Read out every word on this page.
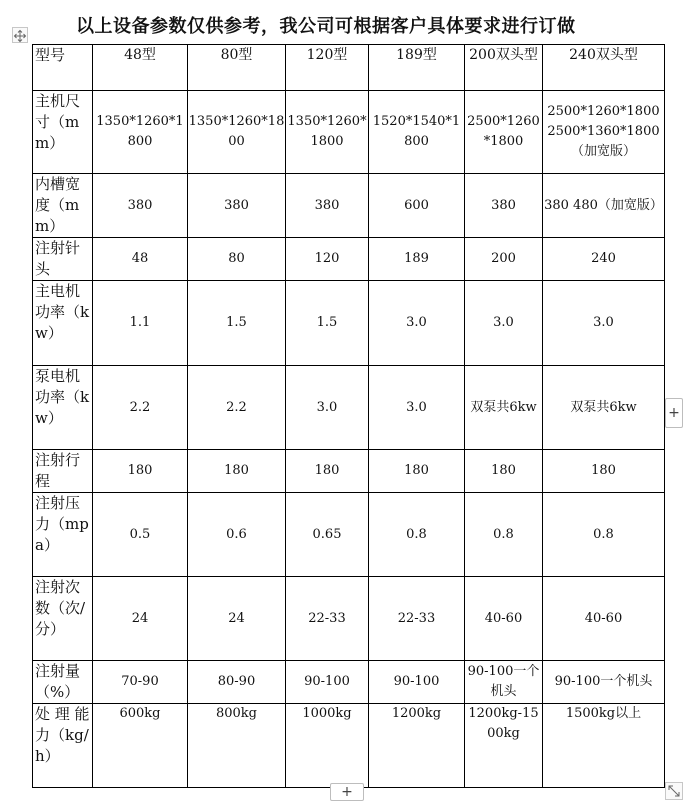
以上设备参数仅供参考，我公司可根据客户具体要求进行订做
型号	48型	80型	120型	189型	200双头型	240双头型
主机尺寸（mm）	1350*1260*1800	1350*1260*1800	1350*1260*1800	1520*1540*1800	2500*1260*1800	2500*1260*1800 2500*1360*1800（加宽版）
内槽宽度（mm）	380	380	380	600	380	380 480（加宽版）
注射针头	48	80	120	189	200	240
主电机功率（kw）	1.1	1.5	1.5	3.0	3.0	3.0
泵电机功率（kw）	2.2	2.2	3.0	3.0	双泵共6kw	双泵共6kw
注射行程	180	180	180	180	180	180
注射压力（mpa）	0.5	0.6	0.65	0.8	0.8	0.8
注射次数（次/分）	24	24	22-33	22-33	40-60	40-60
注射量（%）	70-90	80-90	90-100	90-100	90-100一个机头	90-100一个机头
处 理 能 力（kg/h）	600kg	800kg	1000kg	1200kg	1200kg-1500kg	1500kg以上
+
+
